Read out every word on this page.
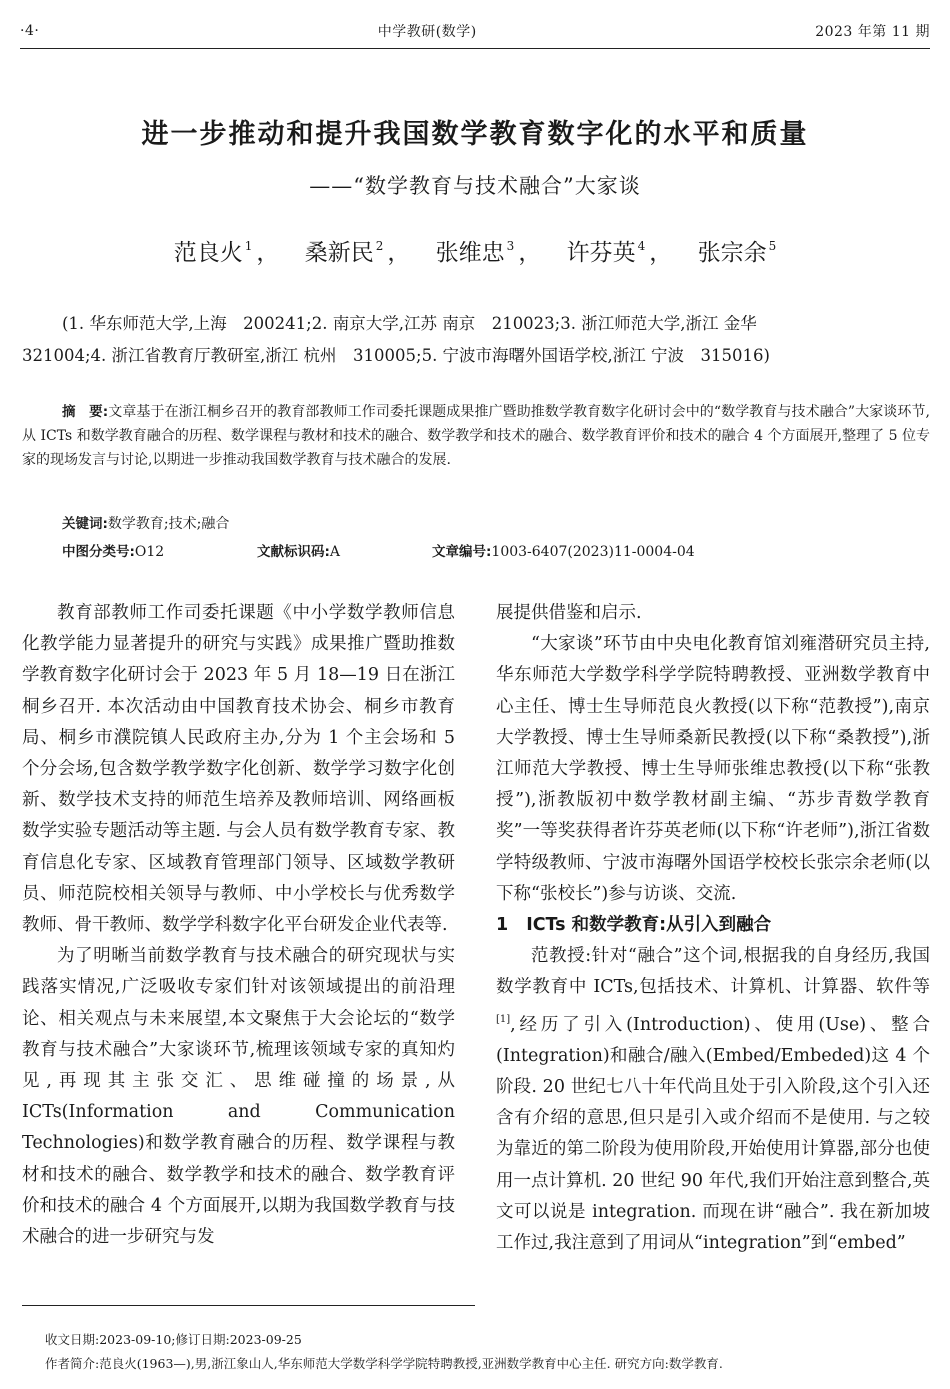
·4·	中学教研(数学)	2023 年第 11 期
进一步推动和提升我国数学教育数字化的水平和质量
——“数学教育与技术融合”大家谈
范良火 $^1$ ， 桑新民 $^2$ ， 张维忠 $^3$ ， 许芬英 $^4$ ， 张宗余 $^5$
(1. 华东师范大学,上海　200241;2. 南京大学,江苏 南京　210023;3. 浙江师范大学,浙江 金华
321004;4. 浙江省教育厅教研室,浙江 杭州　310005;5. 宁波市海曙外国语学校,浙江 宁波　315016)

摘　要:文章基于在浙江桐乡召开的教育部教师工作司委托课题成果推广暨助推数学教育数字化研讨会中的“数学教育与技术融合”大家谈环节,从 ICTs 和数学教育融合的历程、数学课程与教材和技术的融合、数学教学和技术的融合、数学教育评价和技术的融合 4 个方面展开,整理了 5 位专家的现场发言与讨论,以期进一步推动我国数学教育与技术融合的发展.

关键词:数学教育;技术;融合
中图分类号:O12	文献标识码:A	文章编号:1003-6407(2023)11-0004-04

教育部教师工作司委托课题《中小学数学教师信息化教学能力显著提升的研究与实践》成果推广暨助推数学教育数字化研讨会于 2023 年 5 月 18—19 日在浙江桐乡召开. 本次活动由中国教育技术协会、桐乡市教育局、桐乡市濮院镇人民政府主办,分为 1 个主会场和 5 个分会场,包含数学教学数字化创新、数学学习数字化创新、数学技术支持的师范生培养及教师培训、网络画板数学实验专题活动等主题. 与会人员有数学教育专家、教育信息化专家、区域教育管理部门领导、区域数学教研员、师范院校相关领导与教师、中小学校长与优秀数学教师、骨干教师、数学学科数字化平台研发企业代表等.

为了明晰当前数学教育与技术融合的研究现状与实践落实情况,广泛吸收专家们针对该领域提出的前沿理论、相关观点与未来展望,本文聚焦于大会论坛的“数学教育与技术融合”大家谈环节,梳理该领域专家的真知灼见,再现其主张交汇、思维碰撞的场景,从 ICTs(Information and Communication Technologies)和数学教育融合的历程、数学课程与教材和技术的融合、数学教学和技术的融合、数学教育评价和技术的融合 4 个方面展开,以期为我国数学教育与技术融合的进一步研究与发

展提供借鉴和启示.

“大家谈”环节由中央电化教育馆刘雍潜研究员主持,华东师范大学数学科学学院特聘教授、亚洲数学教育中心主任、博士生导师范良火教授(以下称“范教授”),南京大学教授、博士生导师桑新民教授(以下称“桑教授”),浙江师范大学教授、博士生导师张维忠教授(以下称“张教授”),浙教版初中数学教材副主编、“苏步青数学教育奖”一等奖获得者许芬英老师(以下称“许老师”),浙江省数学特级教师、宁波市海曙外国语学校校长张宗余老师(以下称“张校长”)参与访谈、交流.

1 ICTs 和数学教育:从引入到融合

范教授:针对“融合”这个词,根据我的自身经历,我国数学教育中 ICTs,包括技术、计算机、计算器、软件等[1],经历了引入(Introduction)、使用(Use)、整合(Integration)和融合/融入(Embed/Embeded)这 4 个阶段. 20 世纪七八十年代尚且处于引入阶段,这个引入还含有介绍的意思,但只是引入或介绍而不是使用. 与之较为靠近的第二阶段为使用阶段,开始使用计算器,部分也使用一点计算机. 20 世纪 90 年代,我们开始注意到整合,英文可以说是 integration. 而现在讲“融合”. 我在新加坡工作过,我注意到了用词从“integration”到“embed”

收文日期:2023-09-10;修订日期:2023-09-25
作者简介:范良火(1963—),男,浙江象山人,华东师范大学数学科学学院特聘教授,亚洲数学教育中心主任. 研究方向:数学教育.
